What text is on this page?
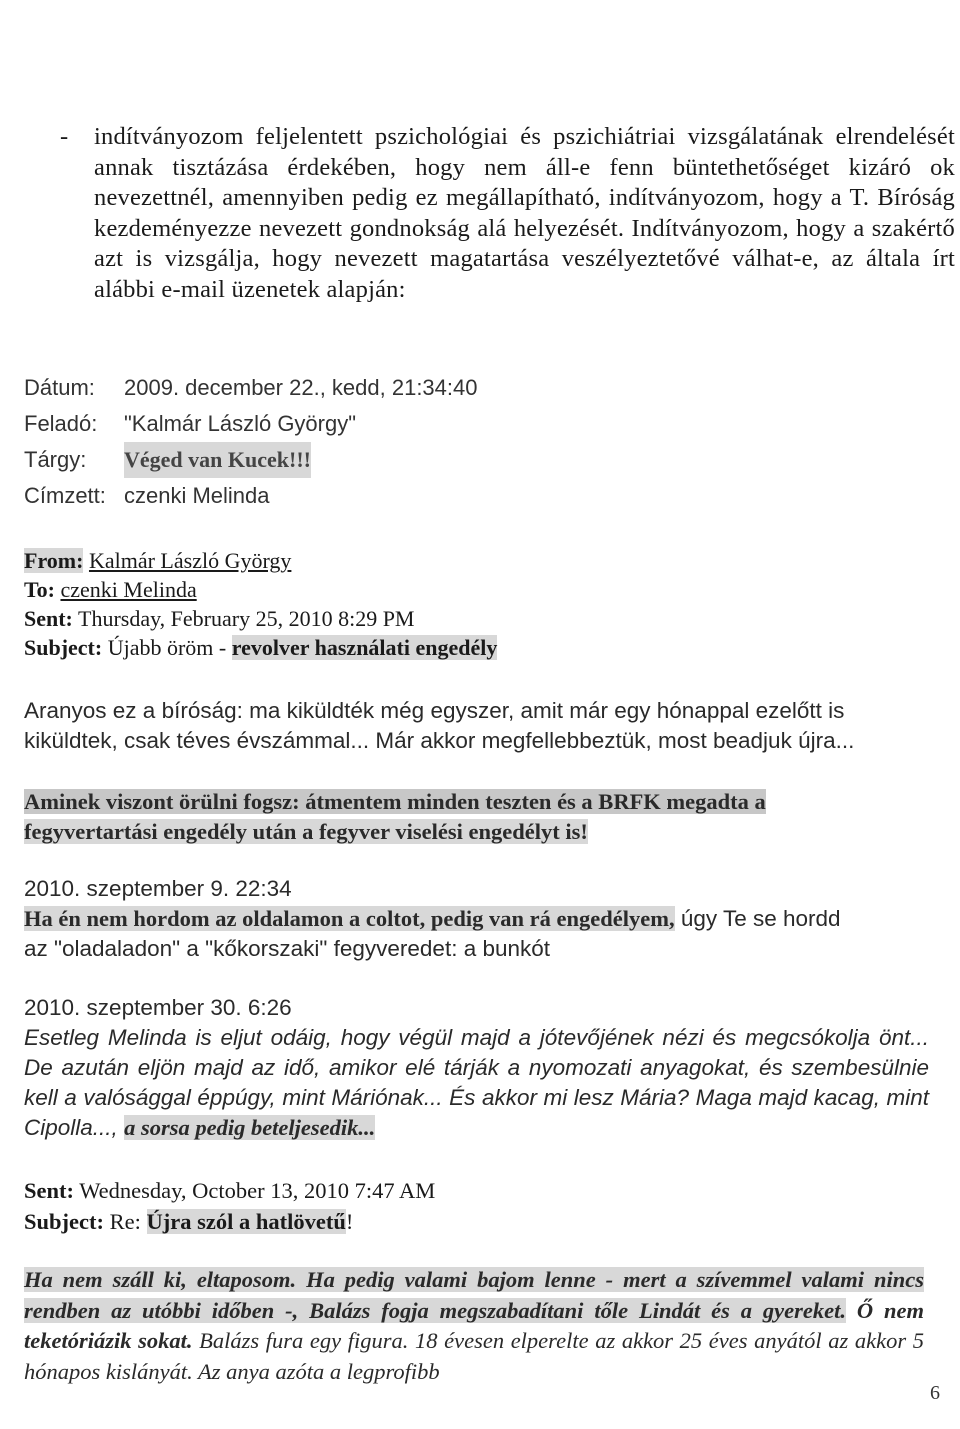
- indítványozom feljelentett pszichológiai és pszichiátriai vizsgálatának elrendelését annak tisztázása érdekében, hogy nem áll-e fenn büntethetőséget kizáró ok nevezettnél, amennyiben pedig ez megállapítható, indítványozom, hogy a T. Bíróság kezdeményezze nevezett gondnokság alá helyezését. Indítványozom, hogy a szakértő azt is vizsgálja, hogy nevezett magatartása veszélyeztetővé válhat-e, az általa írt alábbi e-mail üzenetek alapján:
Dátum:	2009. december 22., kedd, 21:34:40
Feladó:	"Kalmár László György"
Tárgy:	Véged van Kucek!!!
Címzett: czenki Melinda
From: Kalmár László György
To: czenki Melinda
Sent: Thursday, February 25, 2010 8:29 PM
Subject: Újabb öröm - revolver használati engedély
Aranyos ez a bíróság: ma kiküldték még egyszer, amit már egy hónappal ezelőtt is kiküldtek, csak téves évszámmal... Már akkor megfellebbeztük, most beadjuk újra...
Aminek viszont örülni fogsz: átmentem minden teszten és a BRFK megadta a
fegyvertartási engedély után a fegyver viselési engedélyt is!
2010. szeptember 9. 22:34
Ha én nem hordom az oldalamon a coltot, pedig van rá engedélyem, úgy Te se hordd
az "oladaladon" a "kőkorszaki" fegyveredet: a bunkót
2010. szeptember 30. 6:26
Esetleg Melinda is eljut odáig, hogy végül majd a jótevőjének nézi és megcsókolja önt... De azután eljön majd az idő, amikor elé tárják a nyomozati anyagokat, és szembesülnie kell a valósággal éppúgy, mint Máriónak... És akkor mi lesz Mária? Maga majd kacag, mint Cipolla..., a sorsa pedig beteljesedik...
Sent: Wednesday, October 13, 2010 7:47 AM
Subject: Re: Újra szól a hatlövetű!
Ha nem száll ki, eltaposom. Ha pedig valami bajom lenne - mert a szívemmel valami nincs rendben az utóbbi időben -, Balázs fogja megszabadítani tőle Lindát és a gyereket. Ő nem teketóriázik sokat. Balázs fura egy figura. 18 évesen elperelte az akkor 25 éves anyától az akkor 5 hónapos kislányát. Az anya azóta a legprofibb
6
